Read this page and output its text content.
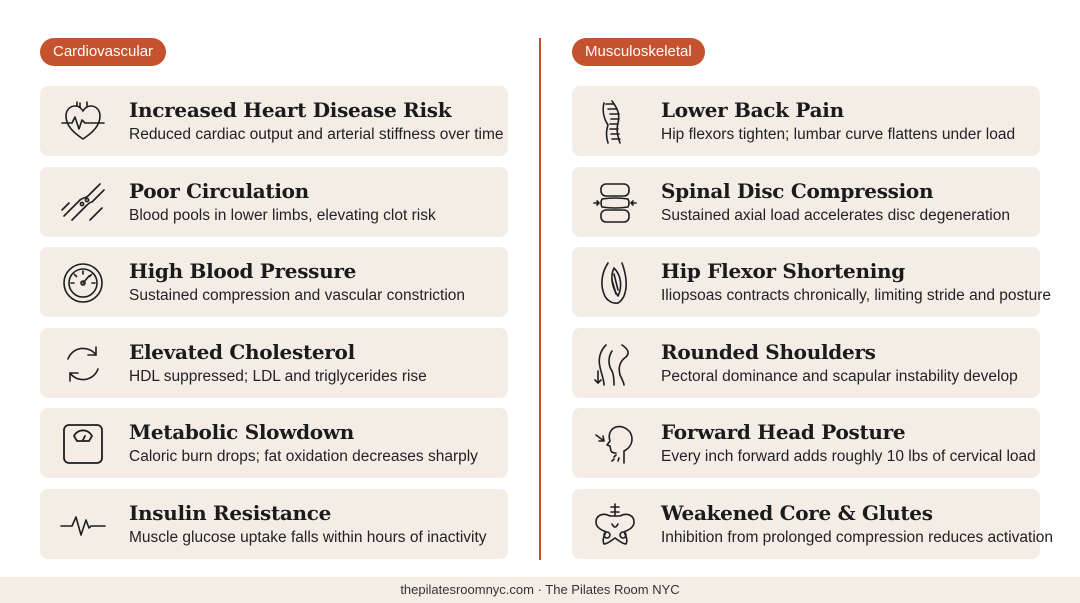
Cardiovascular
Increased Heart Disease Risk
Reduced cardiac output and arterial stiffness over time
Poor Circulation
Blood pools in lower limbs, elevating clot risk
High Blood Pressure
Sustained compression and vascular constriction
Elevated Cholesterol
HDL suppressed; LDL and triglycerides rise
Metabolic Slowdown
Caloric burn drops; fat oxidation decreases sharply
Insulin Resistance
Muscle glucose uptake falls within hours of inactivity
Musculoskeletal
Lower Back Pain
Hip flexors tighten; lumbar curve flattens under load
Spinal Disc Compression
Sustained axial load accelerates disc degeneration
Hip Flexor Shortening
Iliopsoas contracts chronically, limiting stride and posture
Rounded Shoulders
Pectoral dominance and scapular instability develop
Forward Head Posture
Every inch forward adds roughly 10 lbs of cervical load
Weakened Core & Glutes
Inhibition from prolonged compression reduces activation
thepilatesroomnyc.com · The Pilates Room NYC
